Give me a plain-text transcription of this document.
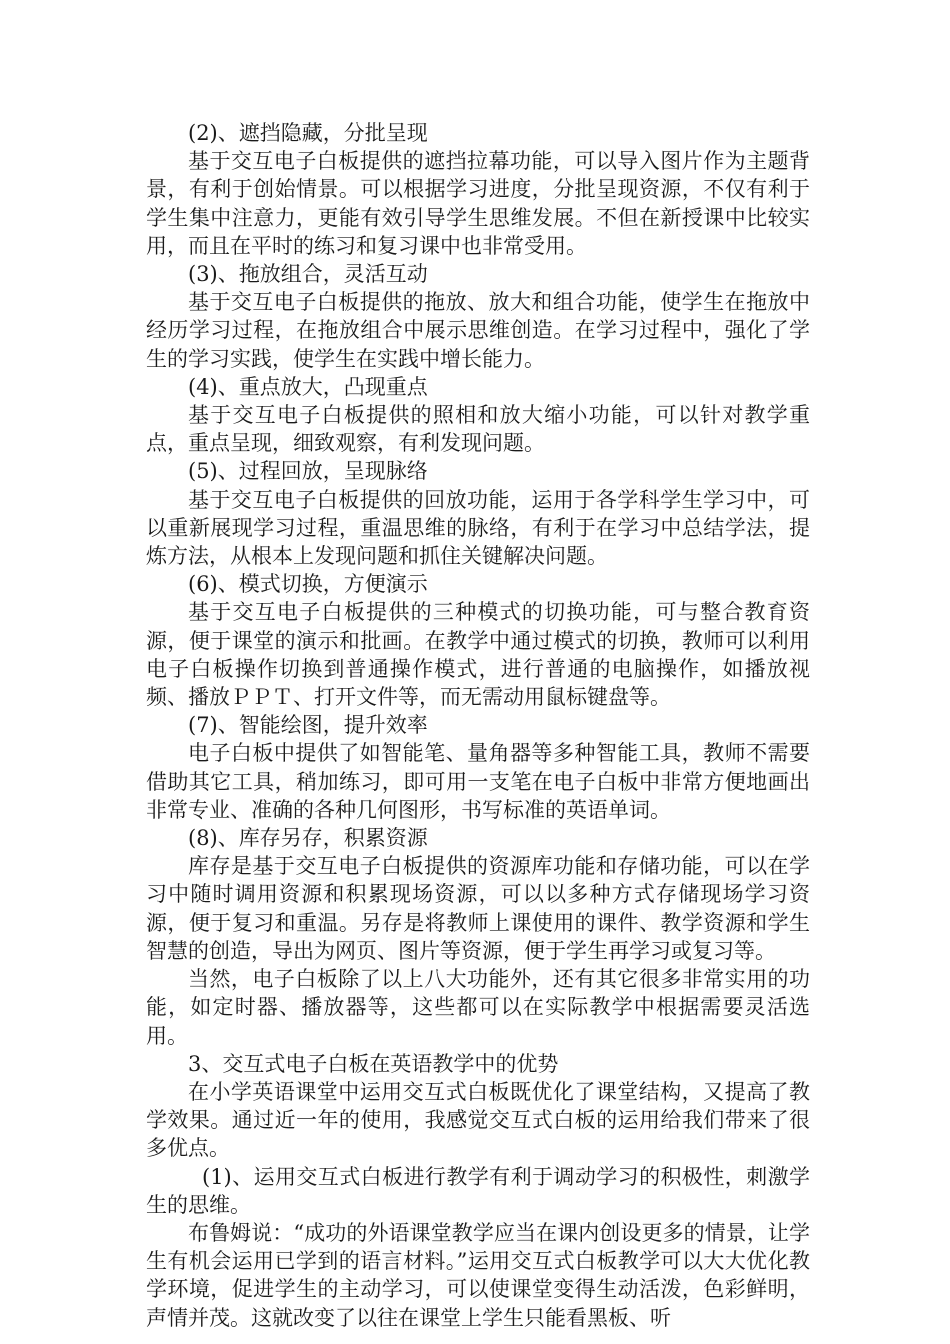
(2)、遮挡隐藏，分批呈现

基于交互电子白板提供的遮挡拉幕功能，可以导入图片作为主题背景，有利于创始情景。可以根据学习进度，分批呈现资源，不仅有利于学生集中注意力，更能有效引导学生思维发展。不但在新授课中比较实用，而且在平时的练习和复习课中也非常受用。

(3)、拖放组合，灵活互动

基于交互电子白板提供的拖放、放大和组合功能，使学生在拖放中经历学习过程，在拖放组合中展示思维创造。在学习过程中，强化了学生的学习实践，使学生在实践中增长能力。

(4)、重点放大，凸现重点

基于交互电子白板提供的照相和放大缩小功能，可以针对教学重点，重点呈现，细致观察，有利发现问题。

(5)、过程回放，呈现脉络

基于交互电子白板提供的回放功能，运用于各学科学生学习中，可以重新展现学习过程，重温思维的脉络，有利于在学习中总结学法，提炼方法，从根本上发现问题和抓住关键解决问题。

(6)、模式切换，方便演示

基于交互电子白板提供的三种模式的切换功能，可与整合教育资源，便于课堂的演示和批画。在教学中通过模式的切换，教师可以利用电子白板操作切换到普通操作模式，进行普通的电脑操作，如播放视频、播放ＰＰＴ、打开文件等，而无需动用鼠标键盘等。

(7)、智能绘图，提升效率

电子白板中提供了如智能笔、量角器等多种智能工具，教师不需要借助其它工具，稍加练习，即可用一支笔在电子白板中非常方便地画出非常专业、准确的各种几何图形，书写标准的英语单词。

(8)、库存另存，积累资源

库存是基于交互电子白板提供的资源库功能和存储功能，可以在学习中随时调用资源和积累现场资源，可以以多种方式存储现场学习资源，便于复习和重温。另存是将教师上课使用的课件、教学资源和学生智慧的创造，导出为网页、图片等资源，便于学生再学习或复习等。

当然，电子白板除了以上八大功能外，还有其它很多非常实用的功能，如定时器、播放器等，这些都可以在实际教学中根据需要灵活选用。

3、交互式电子白板在英语教学中的优势

在小学英语课堂中运用交互式白板既优化了课堂结构，又提高了教学效果。通过近一年的使用，我感觉交互式白板的运用给我们带来了很多优点。

(1)、运用交互式白板进行教学有利于调动学习的积极性，刺激学生的思维。

布鲁姆说：“成功的外语课堂教学应当在课内创设更多的情景，让学生有机会运用已学到的语言材料。”运用交互式白板教学可以大大优化教学环境，促进学生的主动学习，可以使课堂变得生动活泼，色彩鲜明，声情并茂。这就改变了以往在课堂上学生只能看黑板、听
